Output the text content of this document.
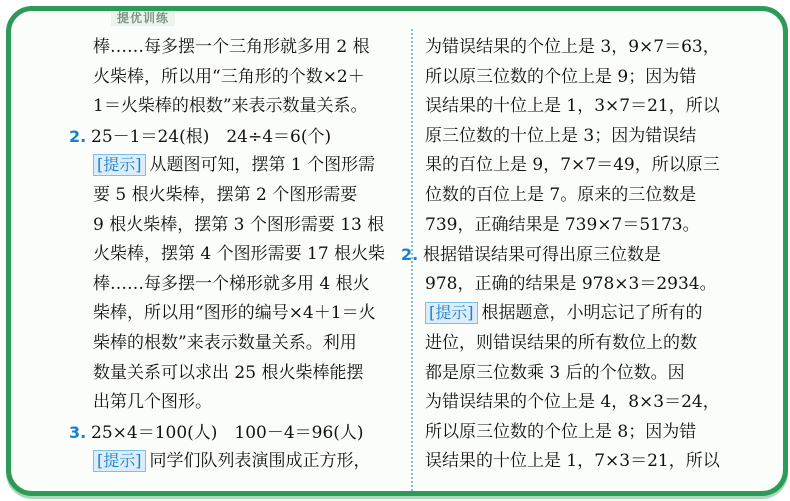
提优训练
棒……每多摆一个三角形就多用 2 根
火柴棒，所以用“三角形的个数×2＋
1＝火柴棒的根数”来表示数量关系。
2. 25－1＝24(根)　24÷4＝6(个)
[提示] 从题图可知，摆第 1 个图形需
要 5 根火柴棒，摆第 2 个图形需要
9 根火柴棒，摆第 3 个图形需要 13 根
火柴棒，摆第 4 个图形需要 17 根火柴
棒……每多摆一个梯形就多用 4 根火
柴棒，所以用“图形的编号×4＋1＝火
柴棒的根数”来表示数量关系。利用
数量关系可以求出 25 根火柴棒能摆
出第几个图形。
3. 25×4＝100(人)　100－4＝96(人)
[提示] 同学们队列表演围成正方形，
为错误结果的个位上是 3，9×7＝63，
所以原三位数的个位上是 9；因为错
误结果的十位上是 1，3×7＝21，所以
原三位数的十位上是 3；因为错误结
果的百位上是 9，7×7＝49，所以原三
位数的百位上是 7。原来的三位数是
739，正确结果是 739×7＝5173。
2. 根据错误结果可得出原三位数是
978，正确的结果是 978×3＝2934。
[提示] 根据题意，小明忘记了所有的
进位，则错误结果的所有数位上的数
都是原三位数乘 3 后的个位数。因
为错误结果的个位上是 4，8×3＝24，
所以原三位数的个位上是 8；因为错
误结果的十位上是 1，7×3＝21，所以
